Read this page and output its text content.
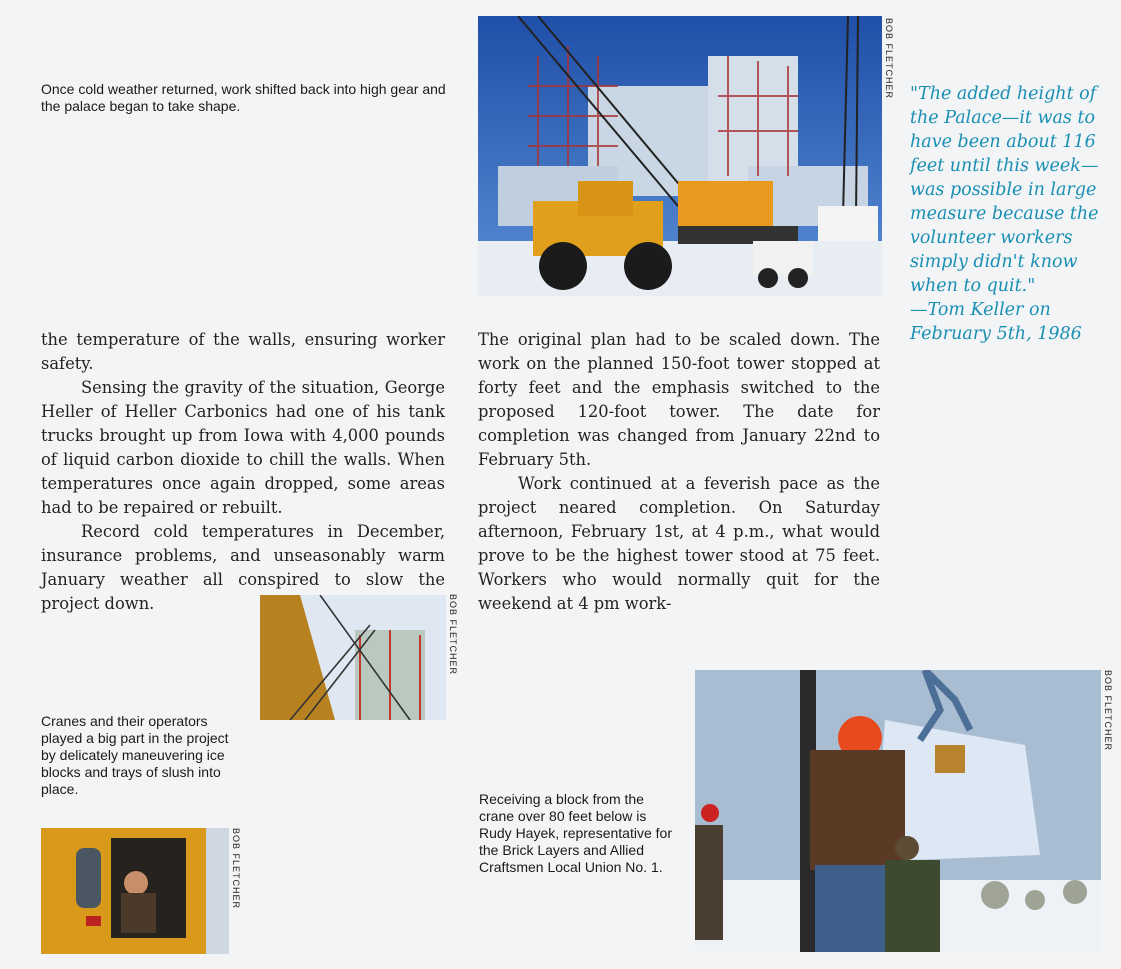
Once cold weather returned, work shifted back into high gear and the palace began to take shape.
BOB FLETCHER "The added height of the Palace—it was to have been about 116 feet until this week—was possible in large measure because the volunteer workers simply didn't know when to quit."
—Tom Keller on
February 5th, 1986

the temperature of the walls, ensuring worker safety.

Sensing the gravity of the situation, George Heller of Heller Carbonics had one of his tank trucks brought up from Iowa with 4,000 pounds of liquid carbon dioxide to chill the walls. When temperatures once again dropped, some areas had to be repaired or rebuilt.

Record cold temperatures in December, insurance problems, and unseasonably warm January weather all conspired to slow the project down.

The original plan had to be scaled down. The work on the planned 150-foot tower stopped at forty feet and the emphasis switched to the proposed 120-foot tower. The date for completion was changed from January 22nd to February 5th.

Work continued at a feverish pace as the project neared completion. On Saturday afternoon, February 1st, at 4 p.m., what would prove to be the highest tower stood at 75 feet. Workers who would normally quit for the weekend at 4 pm work-

BOB FLETCHER
Cranes and their operators played a big part in the project by delicately maneuvering ice blocks and trays of slush into place.
BOB FLETCHER
Receiving a block from the crane over 80 feet below is Rudy Hayek, representative for the Brick Layers and Allied Craftsmen Local Union No. 1.
BOB FLETCHER
